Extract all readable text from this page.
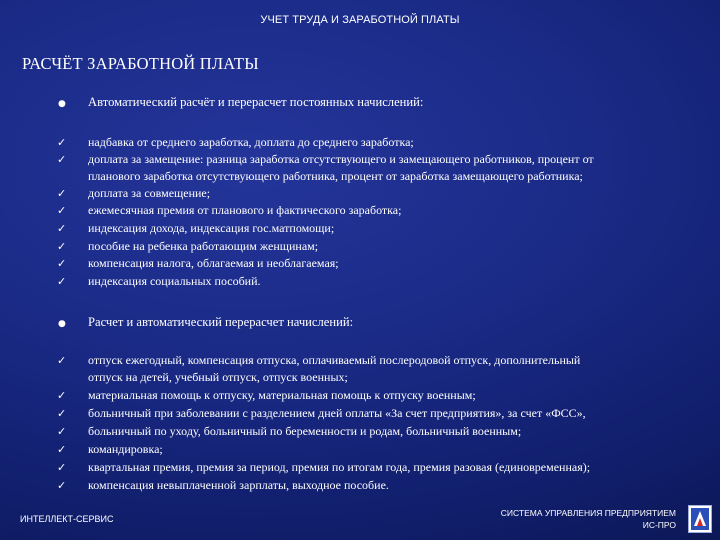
УЧЕТ ТРУДА И ЗАРАБОТНОЙ ПЛАТЫ
РАСЧЁТ ЗАРАБОТНОЙ ПЛАТЫ
● Автоматический расчёт и перерасчет постоянных начислений:
✓ надбавка от среднего заработка, доплата до среднего заработка;
✓ доплата за замещение: разница заработка отсутствующего и замещающего работников, процент от
планового заработка отсутствующего работника, процент от заработка замещающего работника;
✓ доплата за совмещение;
✓ ежемесячная премия от планового и фактического заработка;
✓ индексация дохода, индексация гос.матпомощи;
✓ пособие на ребенка работающим женщинам;
✓ компенсация налога, облагаемая и необлагаемая;
✓ индексация социальных пособий.
● Расчет и автоматический перерасчет начислений:
✓ отпуск ежегодный, компенсация отпуска, оплачиваемый послеродовой отпуск, дополнительный
отпуск на детей, учебный отпуск, отпуск военных;
✓ материальная помощь к отпуску, материальная помощь к отпуску военным;
✓ больничный при заболевании с разделением дней оплаты «За счет предприятия», за счет «ФСС»,
✓ больничный по уходу, больничный по беременности и родам, больничный военным;
✓ командировка;
✓ квартальная премия, премия за период, премия по итогам года, премия разовая (единовременная);
✓ компенсация невыплаченной зарплаты, выходное пособие.
ИНТЕЛЛЕКТ-СЕРВИС
СИСТЕМА УПРАВЛЕНИЯ ПРЕДПРИЯТИЕМ
ИС-ПРО
